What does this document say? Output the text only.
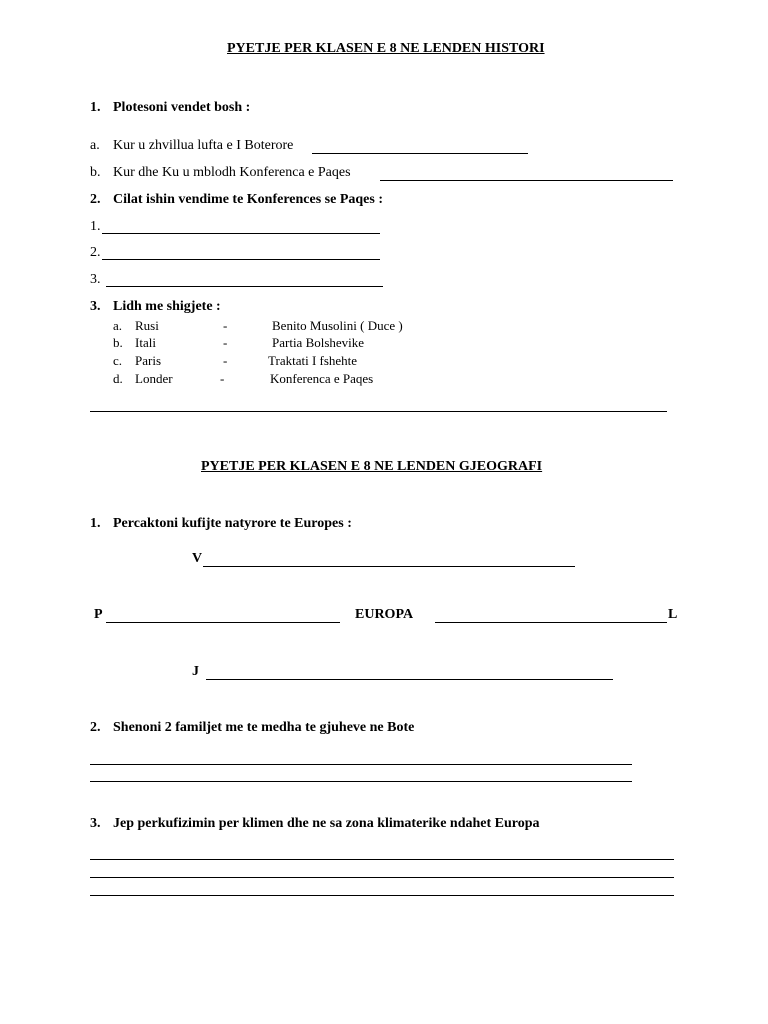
PYETJE PER KLASEN E 8 NE LENDEN HISTORI
1. Plotesoni vendet bosh :
a. Kur u zhvillua lufta e I Boterore
b. Kur dhe Ku u mblodh Konferenca e Paqes
2. Cilat ishin vendime te Konferences se Paqes :
1.
2.
3.
3. Lidh me shigjete :
a. Rusi	-	Benito Musolini ( Duce )
b. Itali	-	Partia Bolshevike
c. Paris	-	Traktati I fshehte
d. Londer	-	Konferenca e Paqes
PYETJE PER KLASEN E 8 NE LENDEN GJEOGRAFI
1. Percaktoni kufijte natyrore te Europes :
V
P	EUROPA	L
J
2. Shenoni 2 familjet me te medha te gjuheve ne Bote
3. Jep perkufizimin per klimen dhe ne sa zona klimaterike ndahet Europa
